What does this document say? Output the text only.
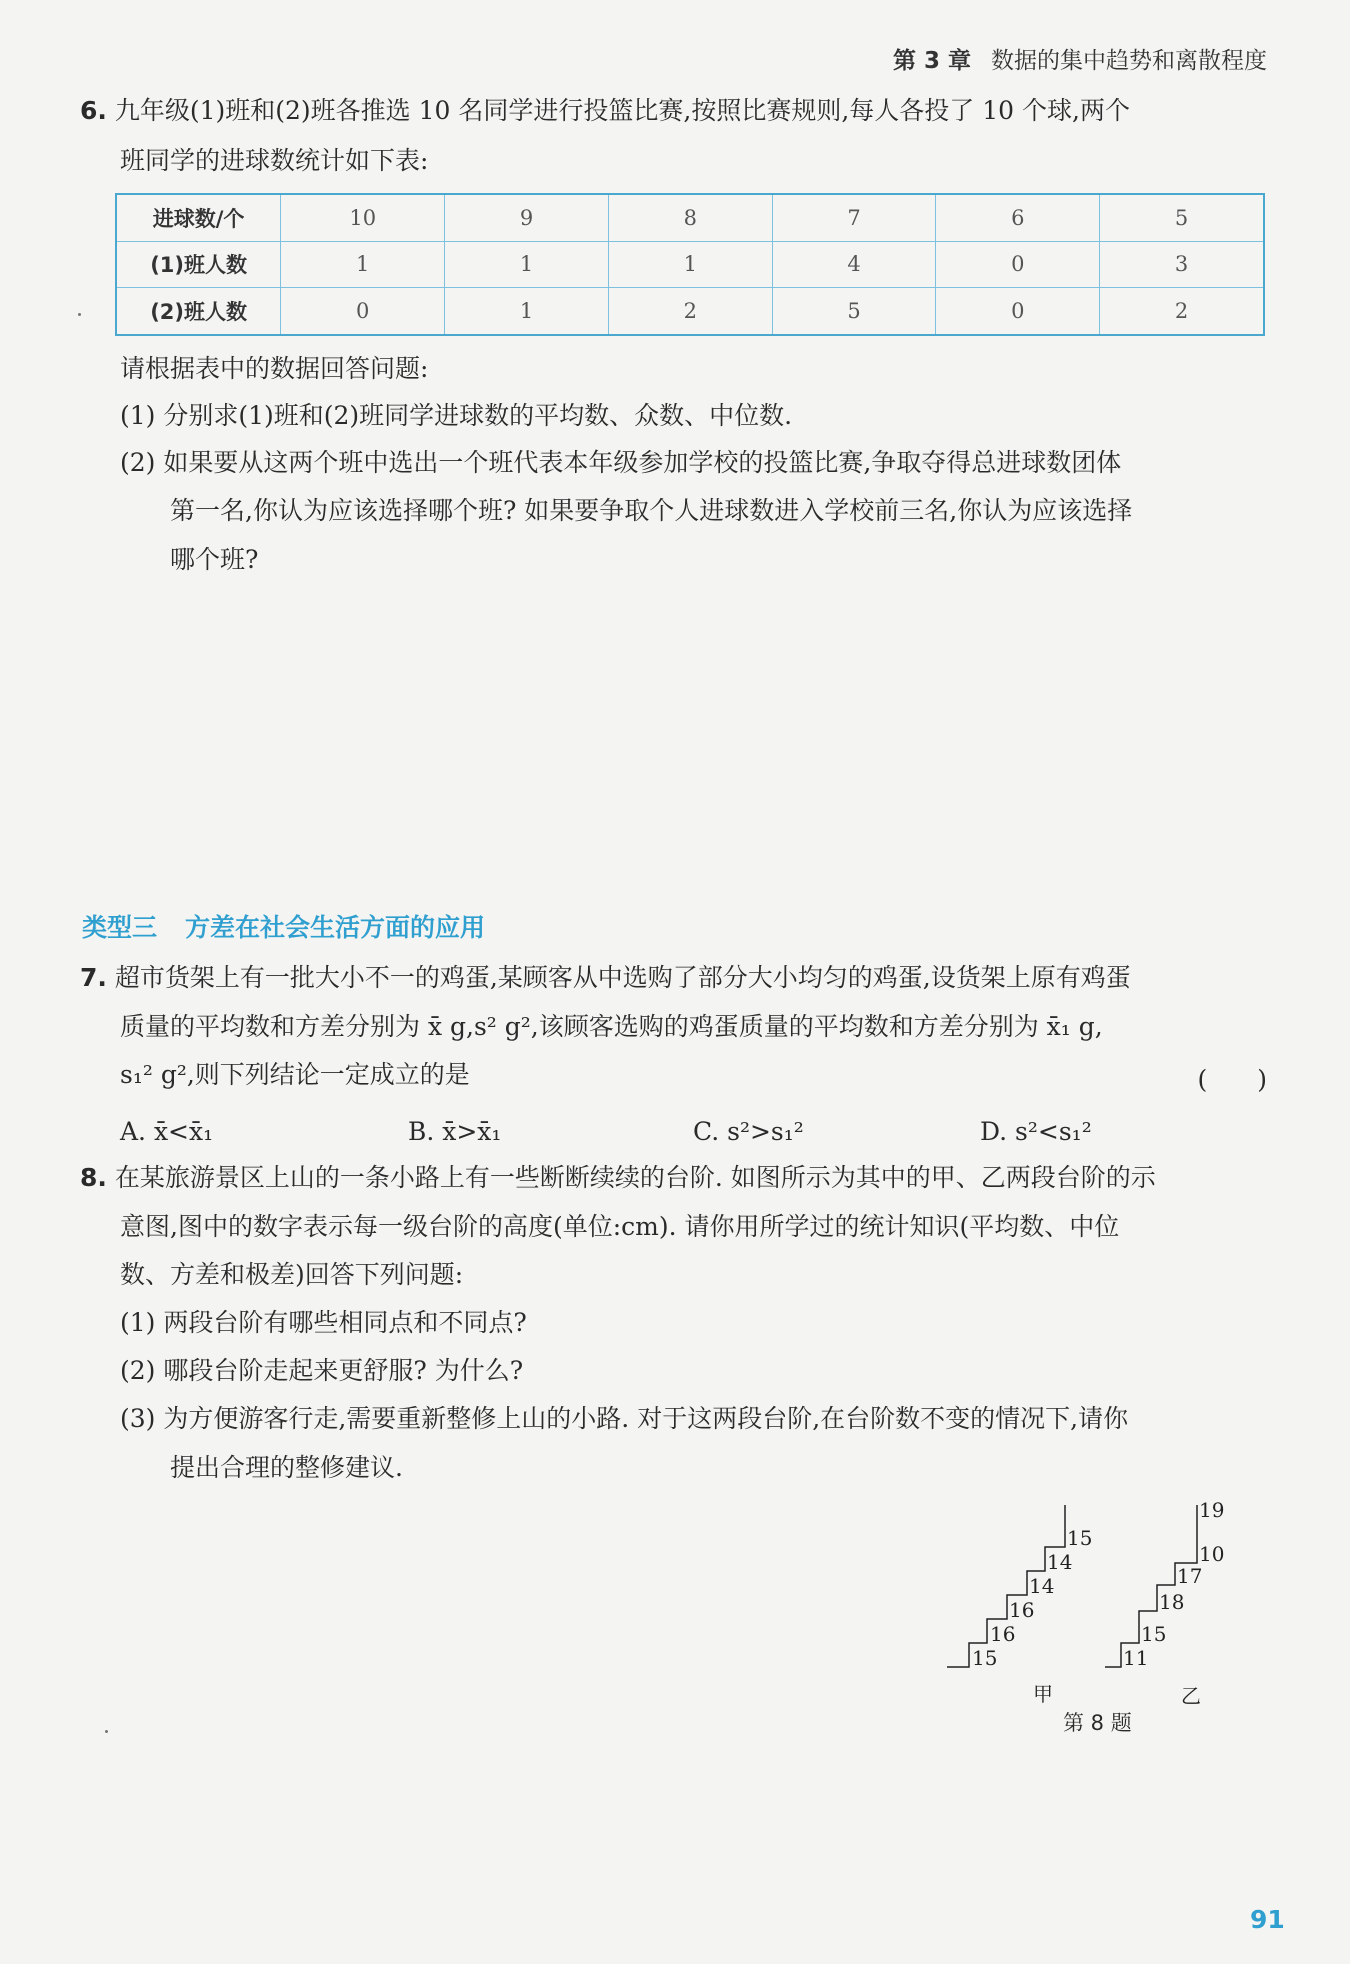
第 3 章 数据的集中趋势和离散程度
6. 九年级(1)班和(2)班各推选 10 名同学进行投篮比赛,按照比赛规则,每人各投了 10 个球,两个
班同学的进球数统计如下表:
进球数/个	10	9	8	7	6	5
(1)班人数	1	1	1	4	0	3
(2)班人数	0	1	2	5	0	2
请根据表中的数据回答问题:
(1) 分别求(1)班和(2)班同学进球数的平均数、众数、中位数.
(2) 如果要从这两个班中选出一个班代表本年级参加学校的投篮比赛,争取夺得总进球数团体
第一名,你认为应该选择哪个班? 如果要争取个人进球数进入学校前三名,你认为应该选择
哪个班?
类型三 方差在社会生活方面的应用
7. 超市货架上有一批大小不一的鸡蛋,某顾客从中选购了部分大小均匀的鸡蛋,设货架上原有鸡蛋
质量的平均数和方差分别为 x̄ g,s² g²,该顾客选购的鸡蛋质量的平均数和方差分别为 x̄₁ g,
s₁² g²,则下列结论一定成立的是	(　　)
A. x̄<x̄₁	B. x̄>x̄₁	C. s²>s₁²	D. s²<s₁²
8. 在某旅游景区上山的一条小路上有一些断断续续的台阶. 如图所示为其中的甲、乙两段台阶的示
意图,图中的数字表示每一级台阶的高度(单位:cm). 请你用所学过的统计知识(平均数、中位
数、方差和极差)回答下列问题:
(1) 两段台阶有哪些相同点和不同点?
(2) 哪段台阶走起来更舒服? 为什么?
(3) 为方便游客行走,需要重新整修上山的小路. 对于这两段台阶,在台阶数不变的情况下,请你
提出合理的整修建议.
15
16
16
14
14
15
11
15
18
17
10
19
甲	乙
第 8 题
91
